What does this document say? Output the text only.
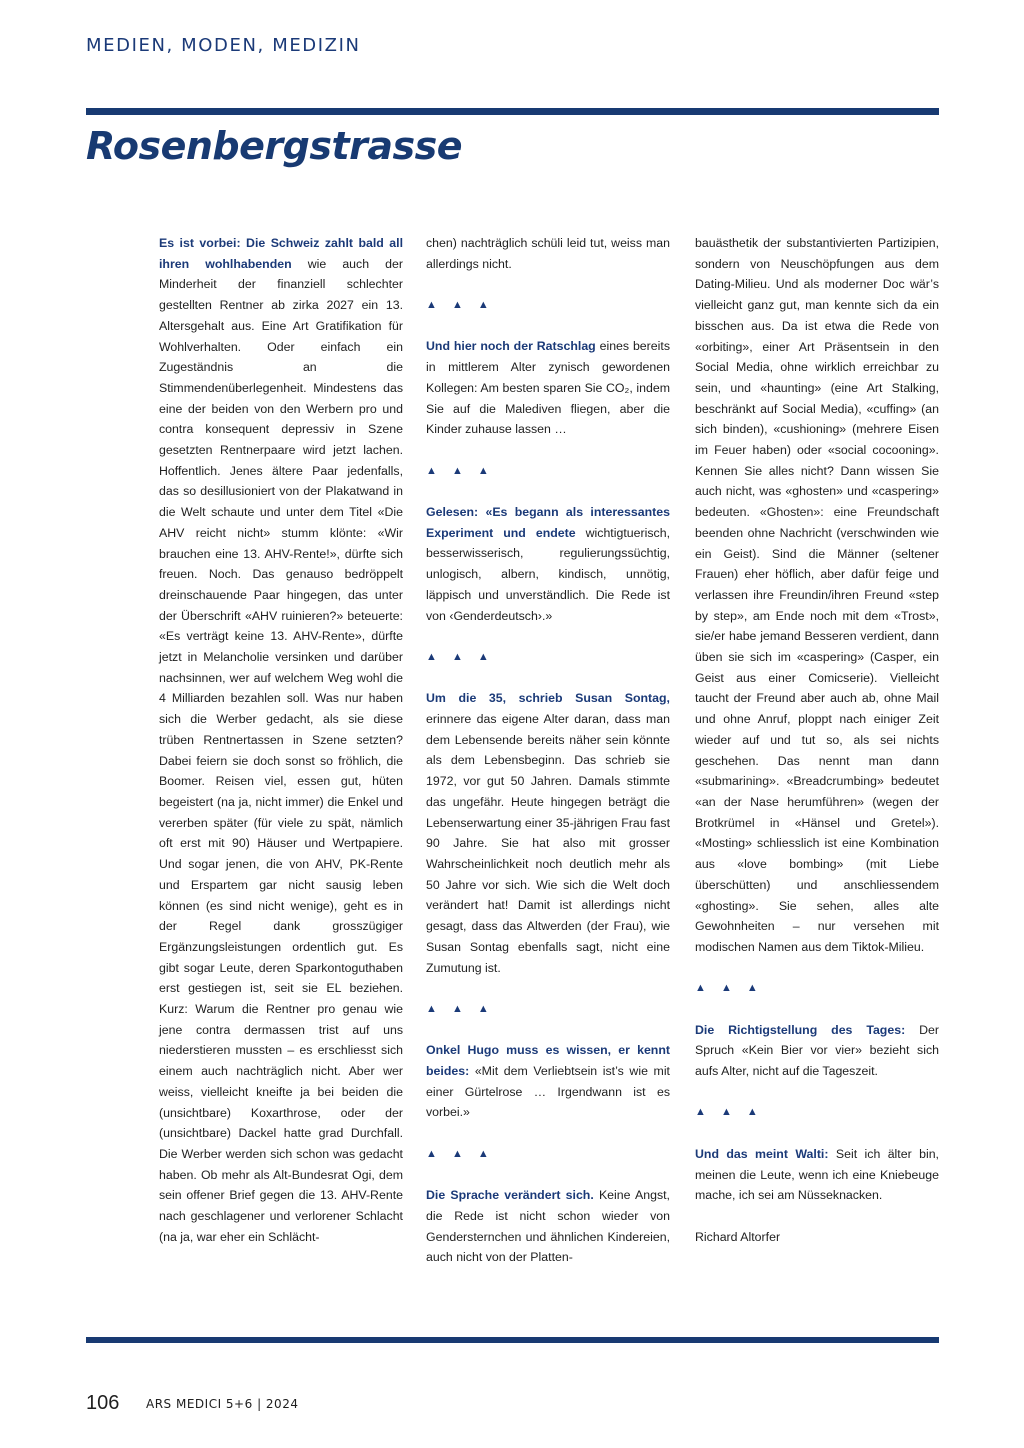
MEDIEN, MODEN, MEDIZIN
Rosenbergstrasse

Es ist vorbei: Die Schweiz zahlt bald all ihren wohlhabenden wie auch der Minderheit der finanziell schlechter gestellten Rentner ab zirka 2027 ein 13. Altersgehalt aus. Eine Art Gratifikation für Wohlverhalten. Oder einfach ein Zugeständnis an die Stimmendenüberlegenheit. Mindestens das eine der beiden von den Werbern pro und contra konsequent depressiv in Szene gesetzten Rentnerpaare wird jetzt lachen. Hoffentlich. Jenes ältere Paar jedenfalls, das so desillusioniert von der Plakatwand in die Welt schaute und unter dem Titel «Die AHV reicht nicht» stumm klönte: «Wir brauchen eine 13. AHV-Rente!», dürfte sich freuen. Noch. Das genauso bedröppelt dreinschauende Paar hingegen, das unter der Überschrift «AHV ruinieren?» beteuerte: «Es verträgt keine 13. AHV-Rente», dürfte jetzt in Melancholie versinken und darüber nachsinnen, wer auf welchem Weg wohl die 4 Milliarden bezahlen soll. Was nur haben sich die Werber gedacht, als sie diese trüben Rentnertassen in Szene setzten? Dabei feiern sie doch sonst so fröhlich, die Boomer. Reisen viel, essen gut, hüten begeistert (na ja, nicht immer) die Enkel und vererben später (für viele zu spät, nämlich oft erst mit 90) Häuser und Wertpapiere. Und sogar jenen, die von AHV, PK-Rente und Erspartem gar nicht sausig leben können (es sind nicht wenige), geht es in der Regel dank grosszügiger Ergänzungsleistungen ordentlich gut. Es gibt sogar Leute, deren Sparkontoguthaben erst gestiegen ist, seit sie EL beziehen. Kurz: Warum die Rentner pro genau wie jene contra dermassen trist auf uns niederstieren mussten – es erschliesst sich einem auch nachträglich nicht. Aber wer weiss, vielleicht kneifte ja bei beiden die (unsichtbare) Koxarthrose, oder der (unsichtbare) Dackel hatte grad Durchfall. Die Werber werden sich schon was gedacht haben. Ob mehr als Alt-Bundesrat Ogi, dem sein offener Brief gegen die 13. AHV-Rente nach geschlagener und verlorener Schlacht (na ja, war eher ein Schlächt-

chen) nachträglich schüli leid tut, weiss man allerdings nicht.

▲ ▲ ▲

Und hier noch der Ratschlag eines bereits in mittlerem Alter zynisch gewordenen Kollegen: Am besten sparen Sie CO₂, indem Sie auf die Malediven fliegen, aber die Kinder zuhause lassen …

▲ ▲ ▲

Gelesen: «Es begann als interessantes Experiment und endete wichtigtuerisch, besserwisserisch, regulierungssüchtig, unlogisch, albern, kindisch, unnötig, läppisch und unverständlich. Die Rede ist von ‹Genderdeutsch›.»

▲ ▲ ▲

Um die 35, schrieb Susan Sontag, erinnere das eigene Alter daran, dass man dem Lebensende bereits näher sein könnte als dem Lebensbeginn. Das schrieb sie 1972, vor gut 50 Jahren. Damals stimmte das ungefähr. Heute hingegen beträgt die Lebenserwartung einer 35-jährigen Frau fast 90 Jahre. Sie hat also mit grosser Wahrscheinlichkeit noch deutlich mehr als 50 Jahre vor sich. Wie sich die Welt doch verändert hat! Damit ist allerdings nicht gesagt, dass das Altwerden (der Frau), wie Susan Sontag ebenfalls sagt, nicht eine Zumutung ist.

▲ ▲ ▲

Onkel Hugo muss es wissen, er kennt beides: «Mit dem Verliebtsein ist’s wie mit einer Gürtelrose … Irgendwann ist es vorbei.»

▲ ▲ ▲

Die Sprache verändert sich. Keine Angst, die Rede ist nicht schon wieder von Gendersternchen und ähnlichen Kindereien, auch nicht von der Platten-

bauästhetik der substantivierten Partizipien, sondern von Neuschöpfungen aus dem Dating-Milieu. Und als moderner Doc wär’s vielleicht ganz gut, man kennte sich da ein bisschen aus. Da ist etwa die Rede von «orbiting», einer Art Präsentsein in den Social Media, ohne wirklich erreichbar zu sein, und «haunting» (eine Art Stalking, beschränkt auf Social Media), «cuffing» (an sich binden), «cushioning» (mehrere Eisen im Feuer haben) oder «social cocooning». Kennen Sie alles nicht? Dann wissen Sie auch nicht, was «ghosten» und «caspering» bedeuten. «Ghosten»: eine Freundschaft beenden ohne Nachricht (verschwinden wie ein Geist). Sind die Männer (seltener Frauen) eher höflich, aber dafür feige und verlassen ihre Freundin/ihren Freund «step by step», am Ende noch mit dem «Trost», sie/er habe jemand Besseren verdient, dann üben sie sich im «caspering» (Casper, ein Geist aus einer Comicserie). Vielleicht taucht der Freund aber auch ab, ohne Mail und ohne Anruf, ploppt nach einiger Zeit wieder auf und tut so, als sei nichts geschehen. Das nennt man dann «submarining». «Breadcrumbing» bedeutet «an der Nase herumführen» (wegen der Brotkrümel in «Hänsel und Gretel»). «Mosting» schliesslich ist eine Kombination aus «love bombing» (mit Liebe überschütten) und anschliessendem «ghosting». Sie sehen, alles alte Gewohnheiten – nur versehen mit modischen Namen aus dem Tiktok-Milieu.

▲ ▲ ▲

Die Richtigstellung des Tages: Der Spruch «Kein Bier vor vier» bezieht sich aufs Alter, nicht auf die Tageszeit.

▲ ▲ ▲

Und das meint Walti: Seit ich älter bin, meinen die Leute, wenn ich eine Kniebeuge mache, ich sei am Nüsseknacken.

Richard Altorfer

106 ARS MEDICI 5+6 | 2024
